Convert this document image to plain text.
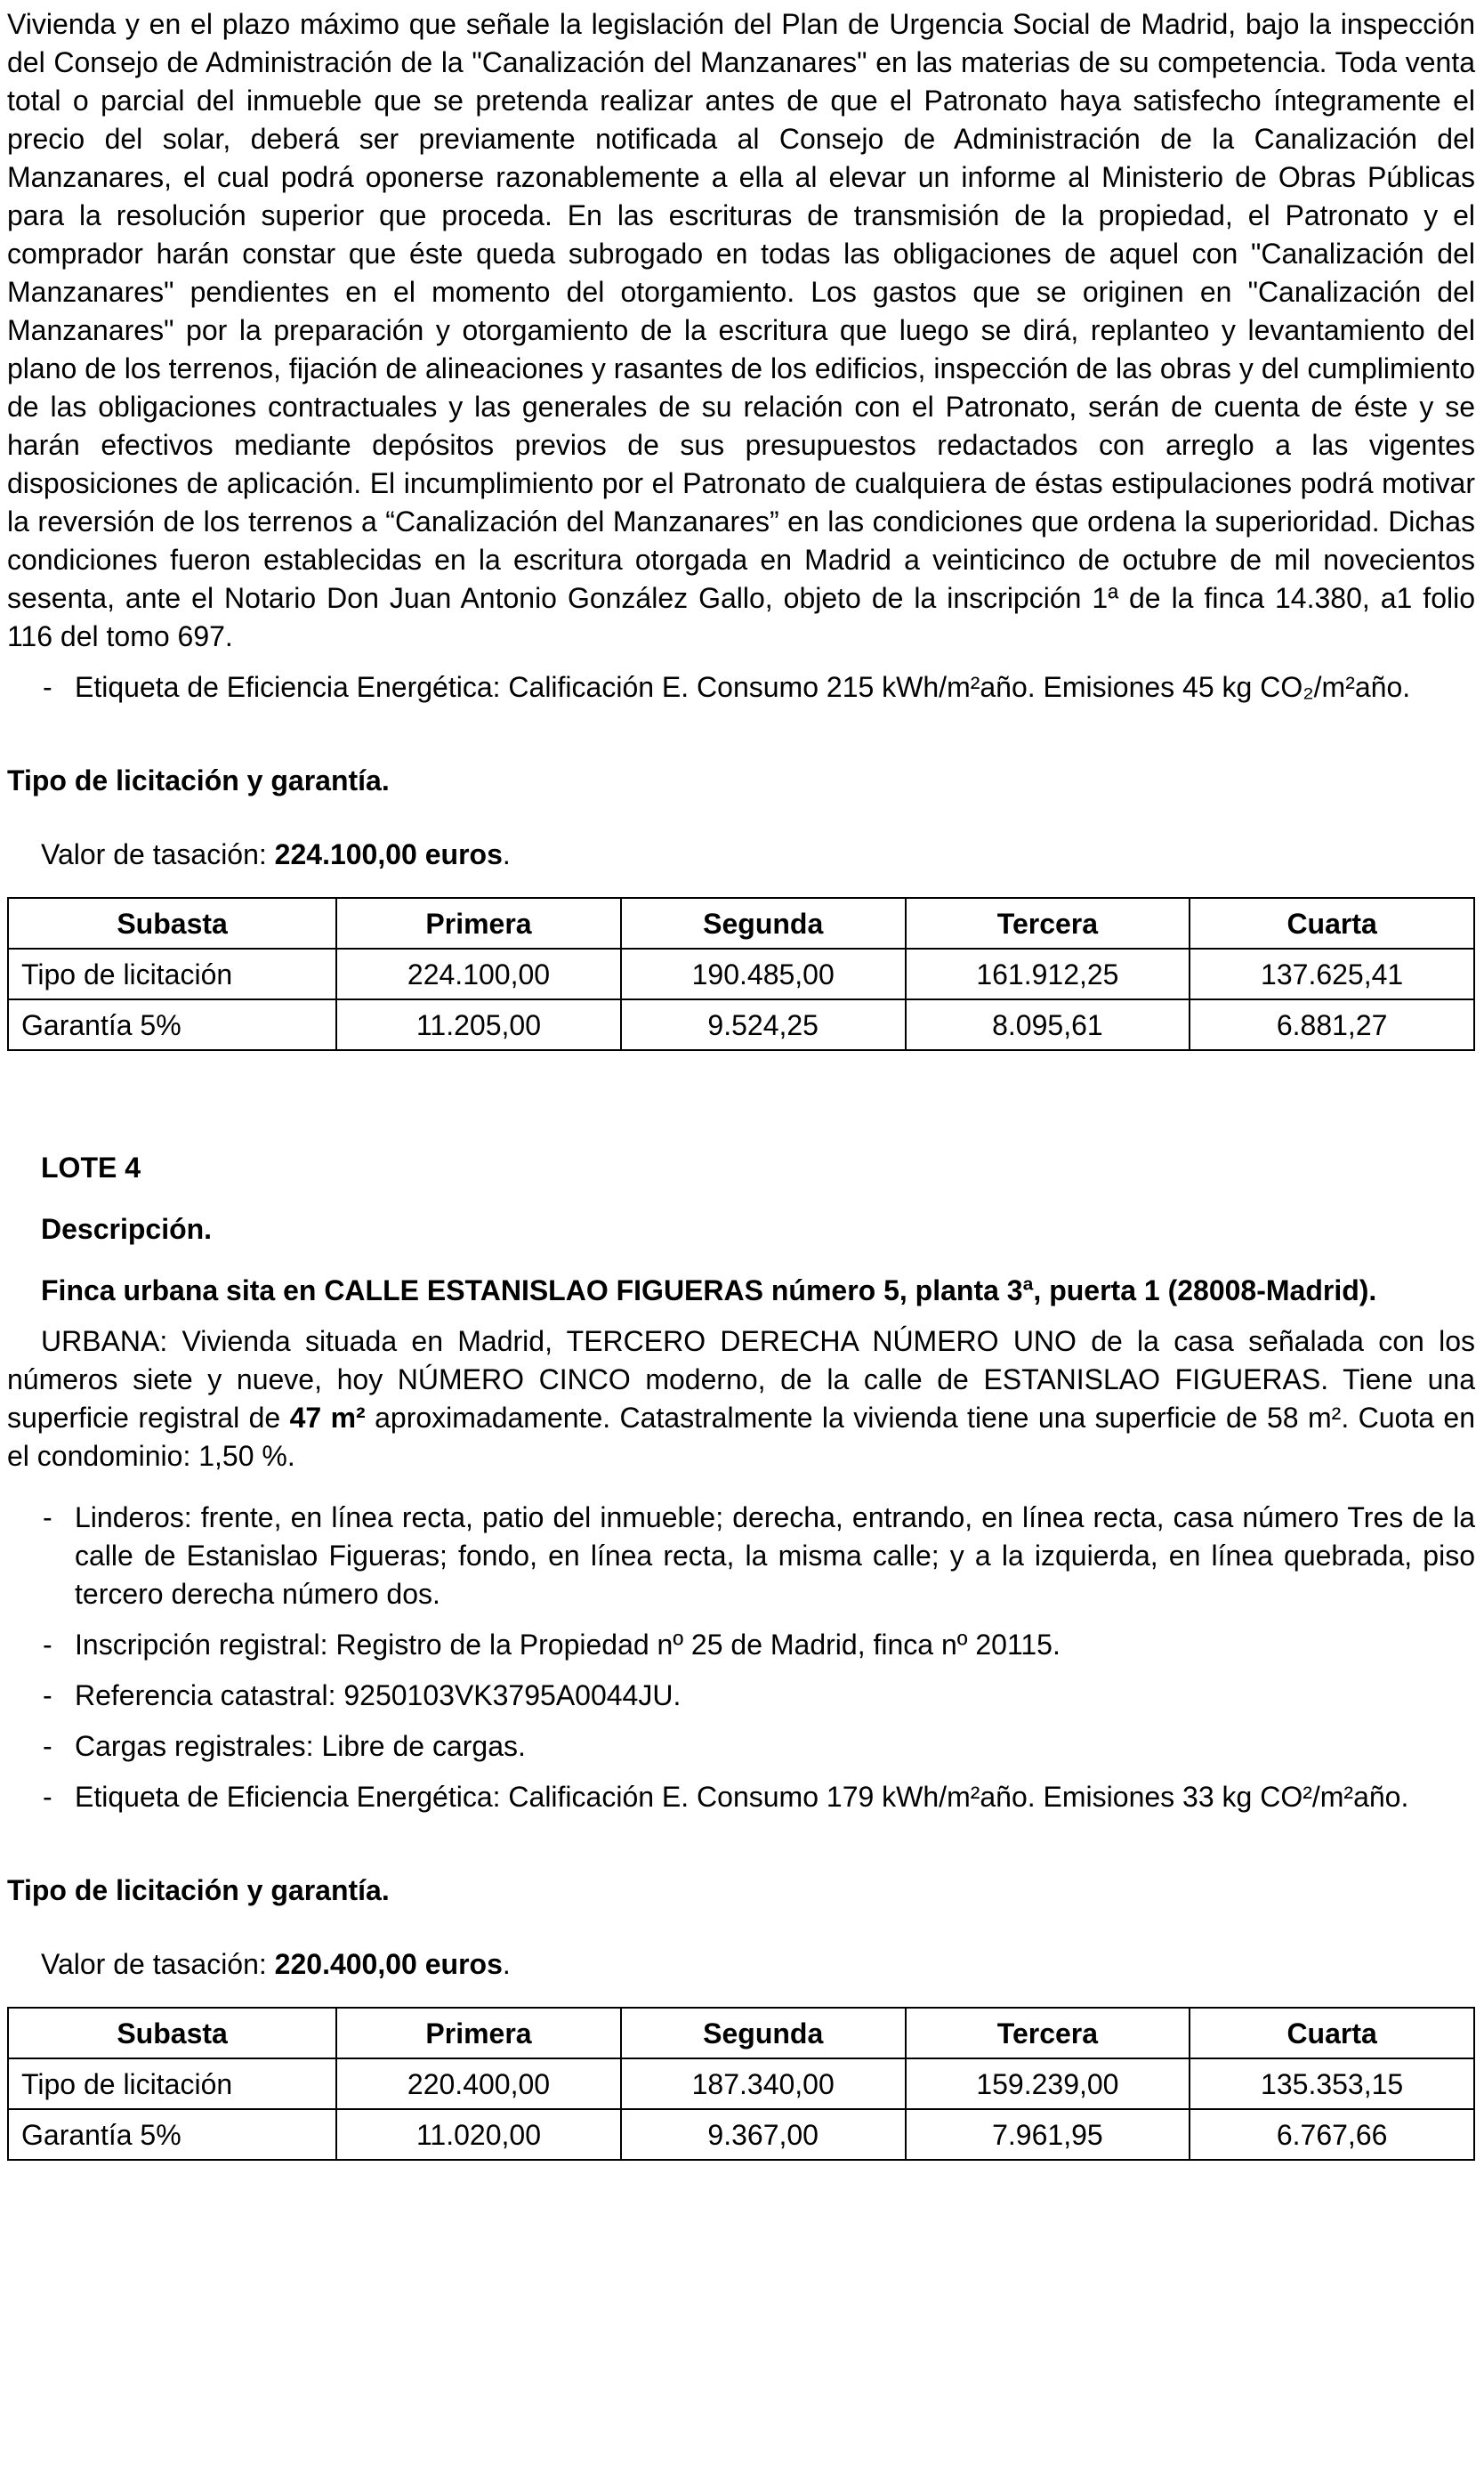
Vivienda y en el plazo máximo que señale la legislación del Plan de Urgencia Social de Madrid, bajo la inspección del Consejo de Administración de la "Canalización del Manzanares" en las materias de su competencia. Toda venta total o parcial del inmueble que se pretenda realizar antes de que el Patronato haya satisfecho íntegramente el precio del solar, deberá ser previamente notificada al Consejo de Administración de la Canalización del Manzanares, el cual podrá oponerse razonablemente a ella al elevar un informe al Ministerio de Obras Públicas para la resolución superior que proceda. En las escrituras de transmisión de la propiedad, el Patronato y el comprador harán constar que éste queda subrogado en todas las obligaciones de aquel con "Canalización del Manzanares" pendientes en el momento del otorgamiento. Los gastos que se originen en "Canalización del Manzanares" por la preparación y otorgamiento de la escritura que luego se dirá, replanteo y levantamiento del plano de los terrenos, fijación de alineaciones y rasantes de los edificios, inspección de las obras y del cumplimiento de las obligaciones contractuales y las generales de su relación con el Patronato, serán de cuenta de éste y se harán efectivos mediante depósitos previos de sus presupuestos redactados con arreglo a las vigentes disposiciones de aplicación. El incumplimiento por el Patronato de cualquiera de éstas estipulaciones podrá motivar la reversión de los terrenos a “Canalización del Manzanares” en las condiciones que ordena la superioridad. Dichas condiciones fueron establecidas en la escritura otorgada en Madrid a veinticinco de octubre de mil novecientos sesenta, ante el Notario Don Juan Antonio González Gallo, objeto de la inscripción 1ª de la finca 14.380, a1 folio 116 del tomo 697.

- Etiqueta de Eficiencia Energética: Calificación E. Consumo 215 kWh/m²año. Emisiones 45 kg CO₂/m²año.

Tipo de licitación y garantía.

Valor de tasación: 224.100,00 euros.

Subasta	Primera	Segunda	Tercera	Cuarta
Tipo de licitación	224.100,00	190.485,00	161.912,25	137.625,41
Garantía 5%	11.205,00	9.524,25	8.095,61	6.881,27

LOTE 4

Descripción.

Finca urbana sita en CALLE ESTANISLAO FIGUERAS número 5, planta 3ª, puerta 1 (28008-Madrid).

URBANA: Vivienda situada en Madrid, TERCERO DERECHA NÚMERO UNO de la casa señalada con los números siete y nueve, hoy NÚMERO CINCO moderno, de la calle de ESTANISLAO FIGUERAS. Tiene una superficie registral de 47 m² aproximadamente. Catastralmente la vivienda tiene una superficie de 58 m². Cuota en el condominio: 1,50 %.

- Linderos: frente, en línea recta, patio del inmueble; derecha, entrando, en línea recta, casa número Tres de la calle de Estanislao Figueras; fondo, en línea recta, la misma calle; y a la izquierda, en línea quebrada, piso tercero derecha número dos.
- Inscripción registral: Registro de la Propiedad nº 25 de Madrid, finca nº 20115.
- Referencia catastral: 9250103VK3795A0044JU.
- Cargas registrales: Libre de cargas.
- Etiqueta de Eficiencia Energética: Calificación E. Consumo 179 kWh/m²año. Emisiones 33 kg CO²/m²año.

Tipo de licitación y garantía.

Valor de tasación: 220.400,00 euros.

Subasta	Primera	Segunda	Tercera	Cuarta
Tipo de licitación	220.400,00	187.340,00	159.239,00	135.353,15
Garantía 5%	11.020,00	9.367,00	7.961,95	6.767,66
